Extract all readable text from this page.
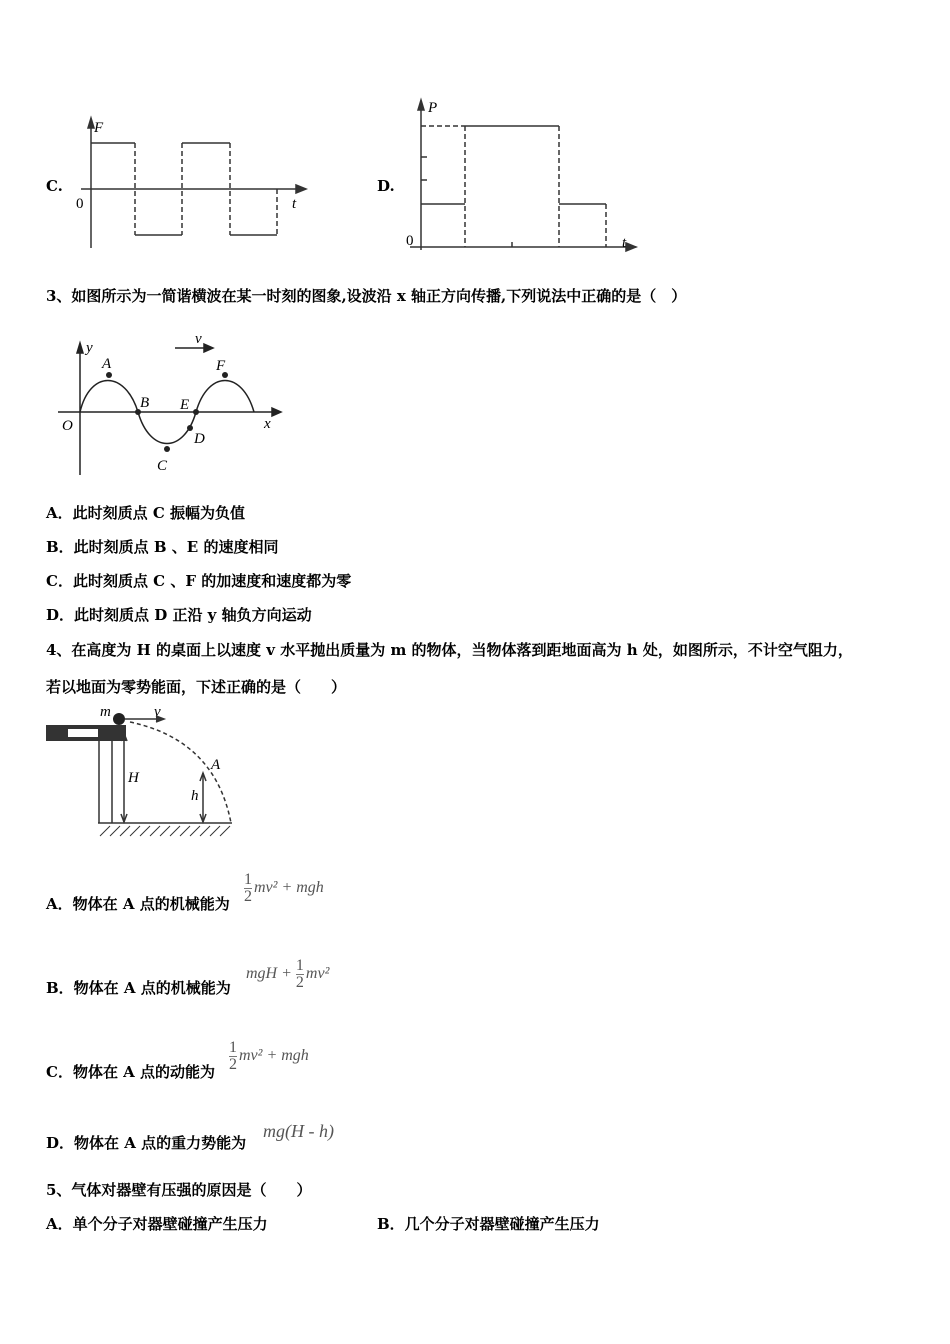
C.
F
t
0
D.
P
t
0
3、如图所示为一简谐横波在某一时刻的图象,设波沿 x 轴正方向传播,下列说法中正确的是（　）
y
x
O
v
A
B
C
D
E
F
A．此时刻质点 C 振幅为负值
B．此时刻质点 B 、E 的速度相同
C．此时刻质点 C 、F 的加速度和速度都为零
D．此时刻质点 D 正沿 y 轴负方向运动
4、在高度为 H 的桌面上以速度 v 水平抛出质量为 m 的物体，当物体落到距地面高为 h 处，如图所示，不计空气阻力，
若以地面为零势能面，下述正确的是（　　）
m	v
H
h
A
A．物体在 A 点的机械能为 $\frac{1}{2} mv^2$ + mgh
B．物体在 A 点的机械能为
mgH + $\frac{1}{2} mv^2$
C．物体在 A 点的动能为 $\frac{1}{2} mv^2$ + mgh
D．物体在 A 点的重力势能为
mg(H - h)
5、气体对器壁有压强的原因是（　　）
A．单个分子对器壁碰撞产生压力	B．几个分子对器壁碰撞产生压力
